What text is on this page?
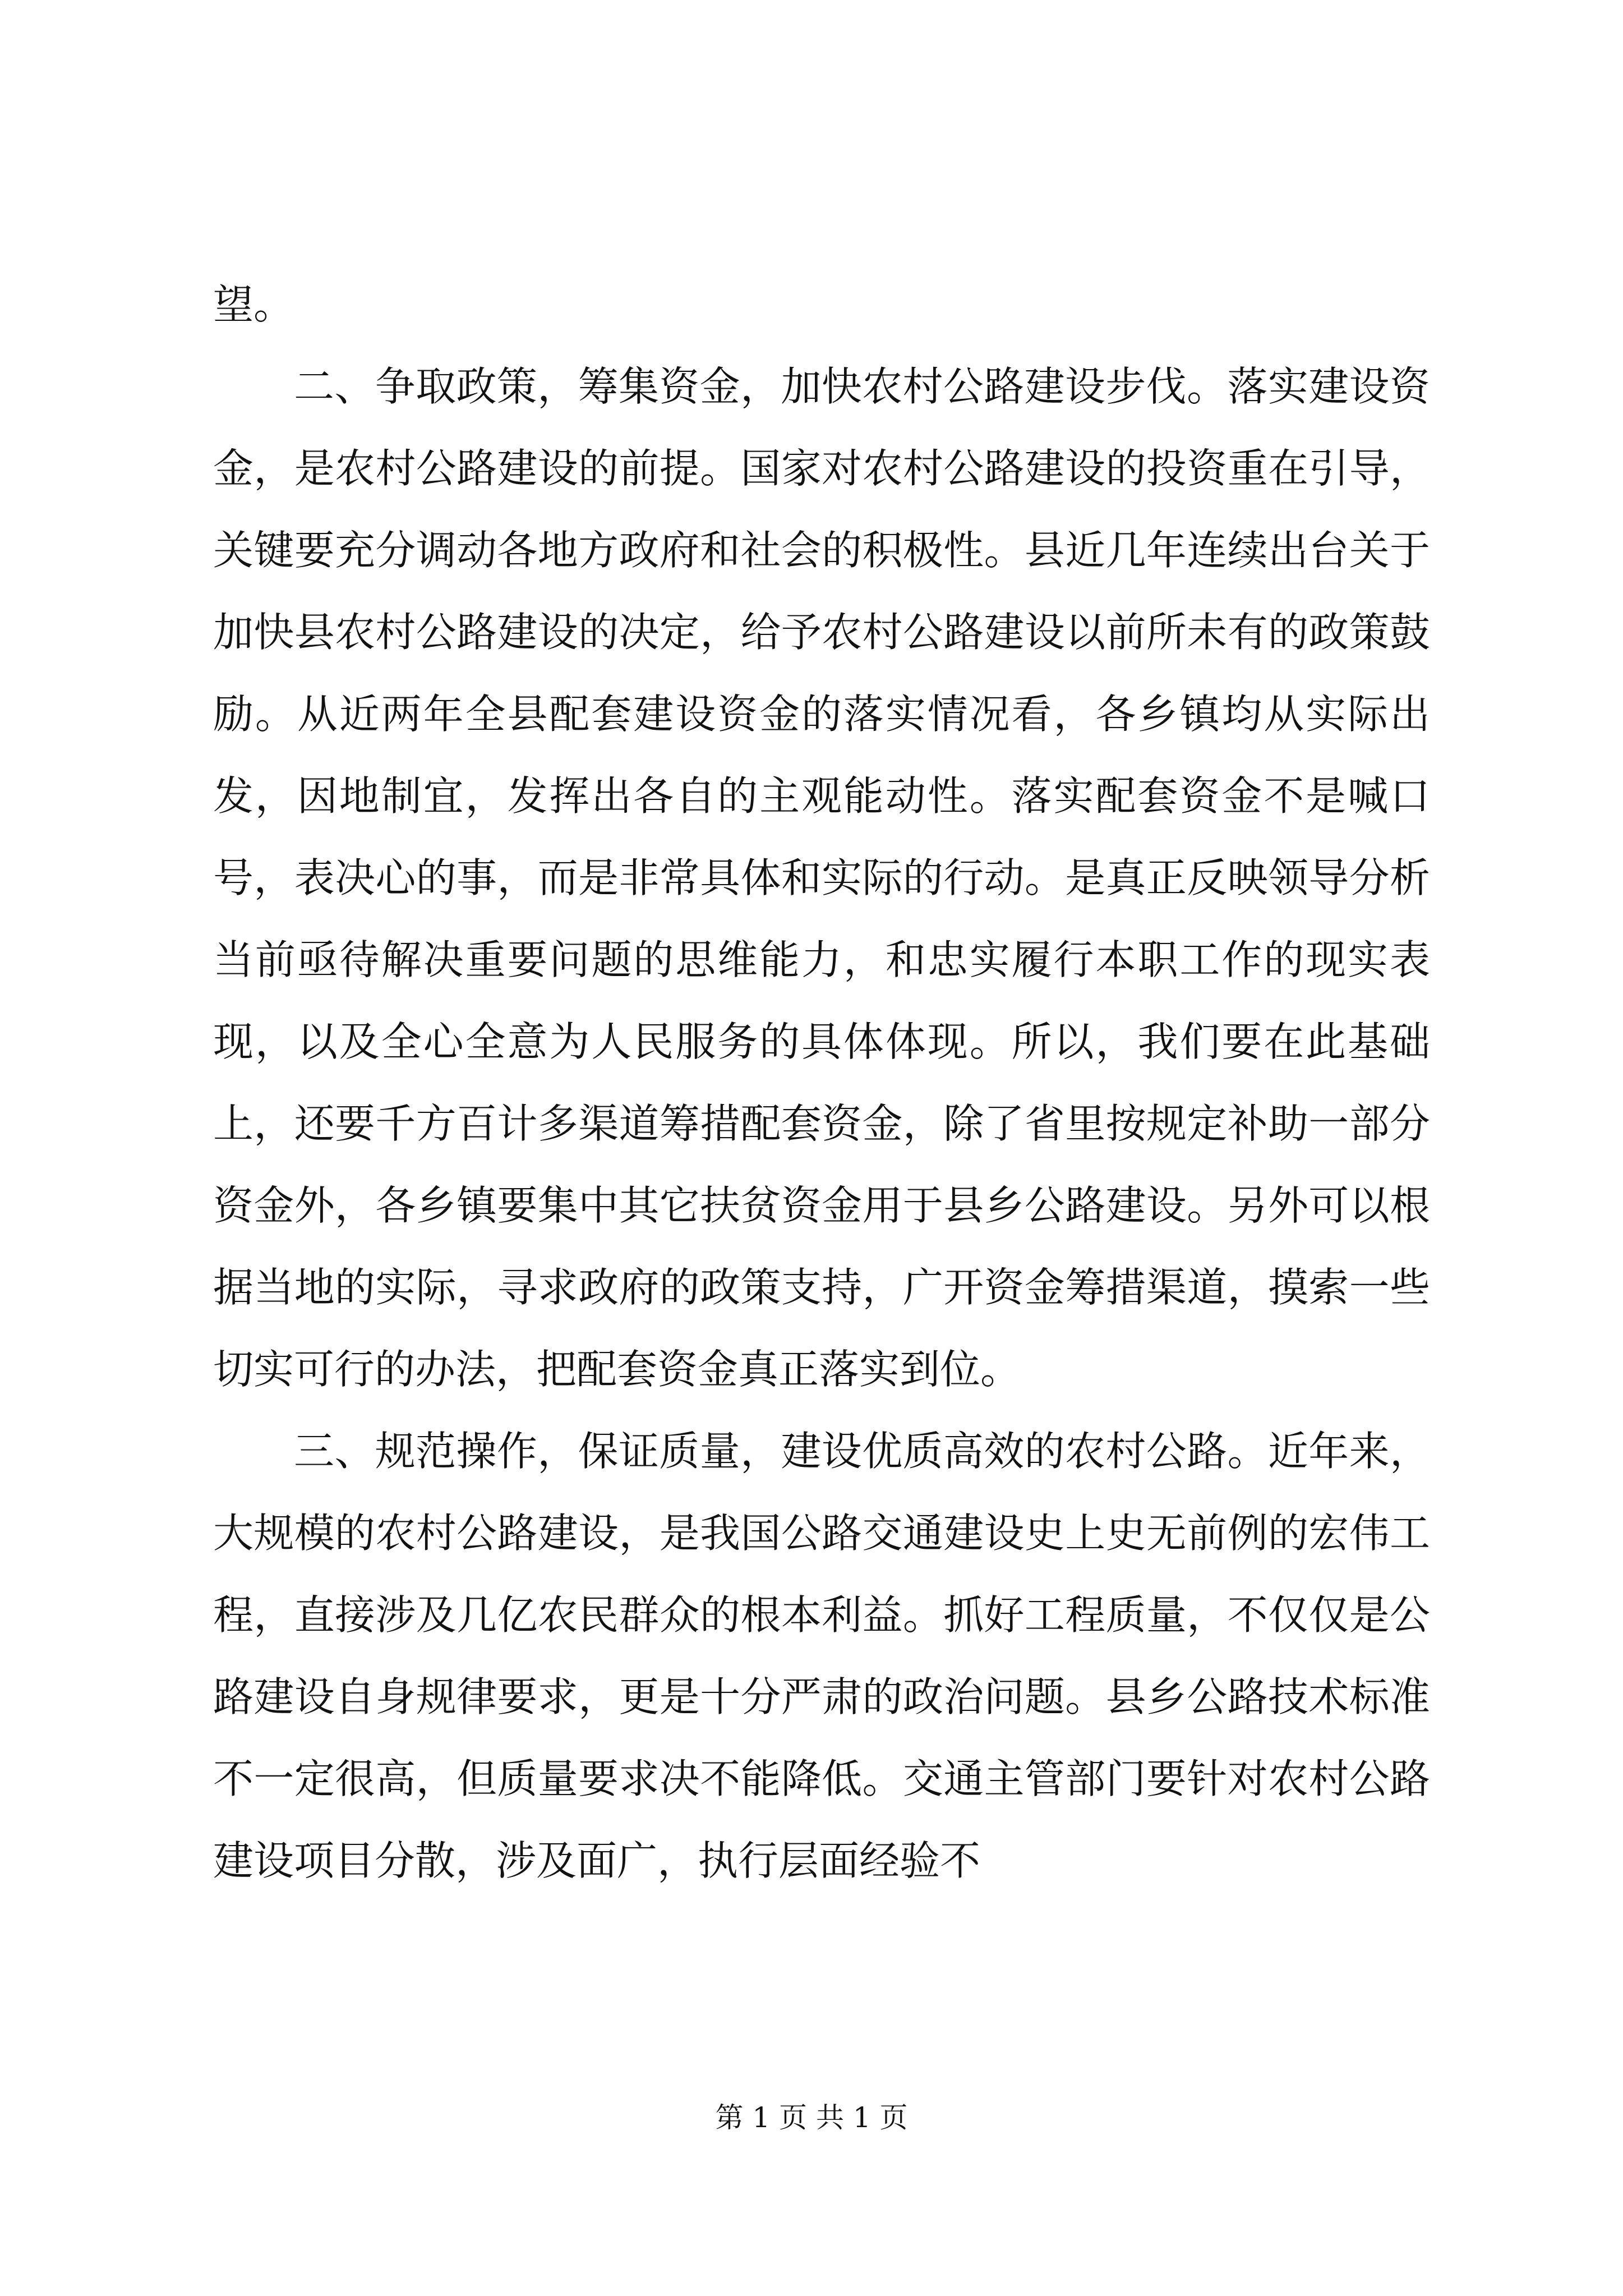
望。

二、争取政策，筹集资金，加快农村公路建设步伐。落实建设资金，是农村公路建设的前提。国家对农村公路建设的投资重在引导，关键要充分调动各地方政府和社会的积极性。县近几年连续出台关于加快县农村公路建设的决定，给予农村公路建设以前所未有的政策鼓励。从近两年全县配套建设资金的落实情况看，各乡镇均从实际出发，因地制宜，发挥出各自的主观能动性。落实配套资金不是喊口号，表决心的事，而是非常具体和实际的行动。是真正反映领导分析当前亟待解决重要问题的思维能力，和忠实履行本职工作的现实表现，以及全心全意为人民服务的具体体现。所以，我们要在此基础上，还要千方百计多渠道筹措配套资金，除了省里按规定补助一部分资金外，各乡镇要集中其它扶贫资金用于县乡公路建设。另外可以根据当地的实际，寻求政府的政策支持，广开资金筹措渠道，摸索一些切实可行的办法，把配套资金真正落实到位。

三、规范操作，保证质量，建设优质高效的农村公路。近年来，大规模的农村公路建设，是我国公路交通建设史上史无前例的宏伟工程，直接涉及几亿农民群众的根本利益。抓好工程质量，不仅仅是公路建设自身规律要求，更是十分严肃的政治问题。县乡公路技术标准不一定很高，但质量要求决不能降低。交通主管部门要针对农村公路建设项目分散，涉及面广，执行层面经验不

第 1 页 共 1 页
